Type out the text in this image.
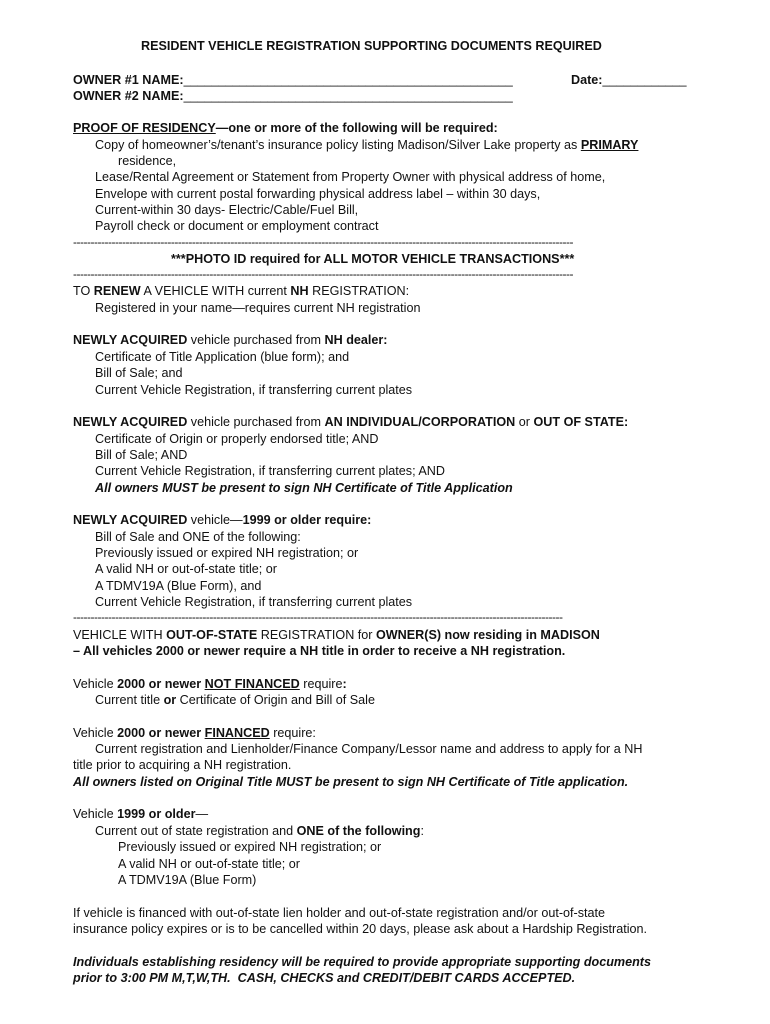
RESIDENT VEHICLE REGISTRATION SUPPORTING DOCUMENTS REQUIRED
OWNER #1 NAME:_______________________________________________	Date:____________
OWNER #2 NAME:_______________________________________________
PROOF OF RESIDENCY—one or more of the following will be required:
Copy of homeowner’s/tenant’s insurance policy listing Madison/Silver Lake property as PRIMARY
residence,
Lease/Rental Agreement or Statement from Property Owner with physical address of home,
Envelope with current postal forwarding physical address label – within 30 days,
Current-within 30 days- Electric/Cable/Fuel Bill,
Payroll check or document or employment contract
-----------------------------------------------------------------------------------------------------------------------------------------------
***PHOTO ID required for ALL MOTOR VEHICLE TRANSACTIONS***
-----------------------------------------------------------------------------------------------------------------------------------------------
TO RENEW A VEHICLE WITH current NH REGISTRATION:
Registered in your name—requires current NH registration
NEWLY ACQUIRED vehicle purchased from NH dealer:
Certificate of Title Application (blue form); and
Bill of Sale; and
Current Vehicle Registration, if transferring current plates
NEWLY ACQUIRED vehicle purchased from AN INDIVIDUAL/CORPORATION or OUT OF STATE:
Certificate of Origin or properly endorsed title; AND
Bill of Sale; AND
Current Vehicle Registration, if transferring current plates; AND
All owners MUST be present to sign NH Certificate of Title Application
NEWLY ACQUIRED vehicle—1999 or older require:
Bill of Sale and ONE of the following:
Previously issued or expired NH registration; or
A valid NH or out-of-state title; or
A TDMV19A (Blue Form), and
Current Vehicle Registration, if transferring current plates
--------------------------------------------------------------------------------------------------------------------------------------------
VEHICLE WITH OUT-OF-STATE REGISTRATION for OWNER(S) now residing in MADISON
– All vehicles 2000 or newer require a NH title in order to receive a NH registration.
Vehicle 2000 or newer NOT FINANCED require:
Current title or Certificate of Origin and Bill of Sale
Vehicle 2000 or newer FINANCED require:
Current registration and Lienholder/Finance Company/Lessor name and address to apply for a NH
title prior to acquiring a NH registration.
All owners listed on Original Title MUST be present to sign NH Certificate of Title application.
Vehicle 1999 or older—
Current out of state registration and ONE of the following:
Previously issued or expired NH registration; or
A valid NH or out-of-state title; or
A TDMV19A (Blue Form)
If vehicle is financed with out-of-state lien holder and out-of-state registration and/or out-of-state
insurance policy expires or is to be cancelled within 20 days, please ask about a Hardship Registration.
Individuals establishing residency will be required to provide appropriate supporting documents
prior to 3:00 PM M,T,W,TH.  CASH, CHECKS and CREDIT/DEBIT CARDS ACCEPTED.
